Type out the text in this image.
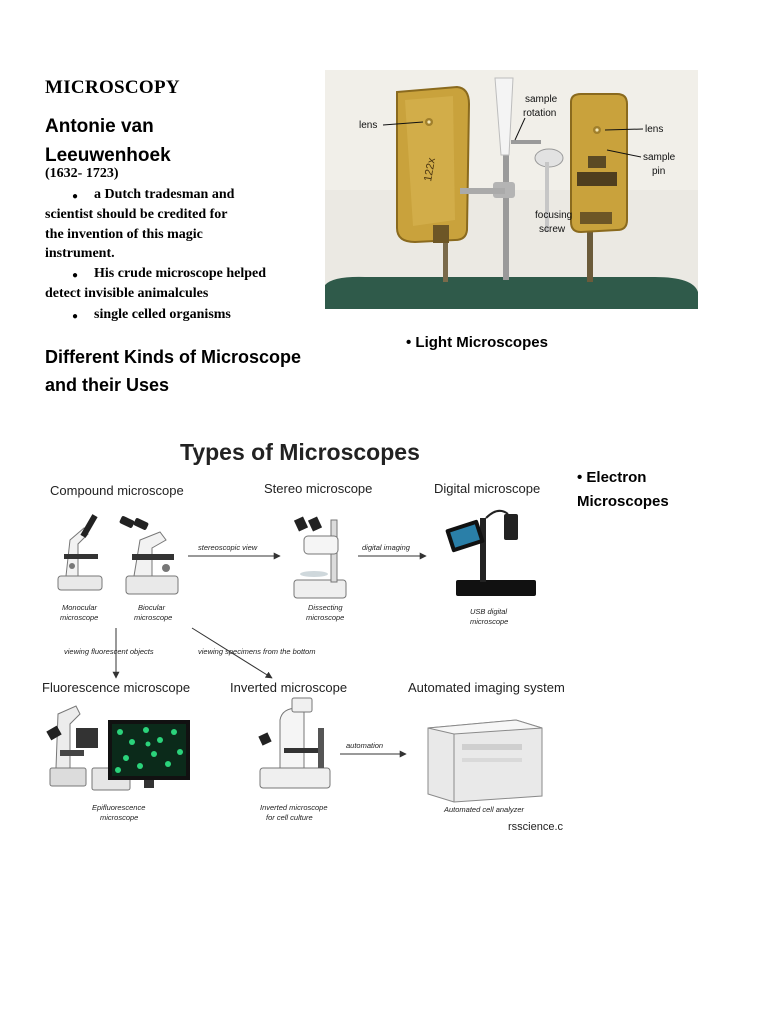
MICROSCOPY
Antonie van
Leeuwenhoek
(1632- 1723)
● a Dutch tradesman and
scientist should be credited for
the invention of this magic
instrument.
● His crude microscope helped
detect invisible animalcules
● single celled organisms
Different Kinds of Microscope
and their Uses
• Light Microscopes
• Electron
Microscopes
lens
sample
rotation
lens
sample
pin
focusing
screw
122x
Types of Microscopes
Compound microscope	Stereo microscope	Digital microscope
Monocular
microscope
Biocular
microscope
stereoscopic view
Dissecting
microscope
digital imaging
USB digital
microscope
viewing fluorescent objects	viewing specimens from the bottom
Fluorescence microscope	Inverted microscope	Automated imaging system
Epifluorescence
microscope
Inverted microscope
for cell culture
automation
Automated cell analyzer
rsscience.c
